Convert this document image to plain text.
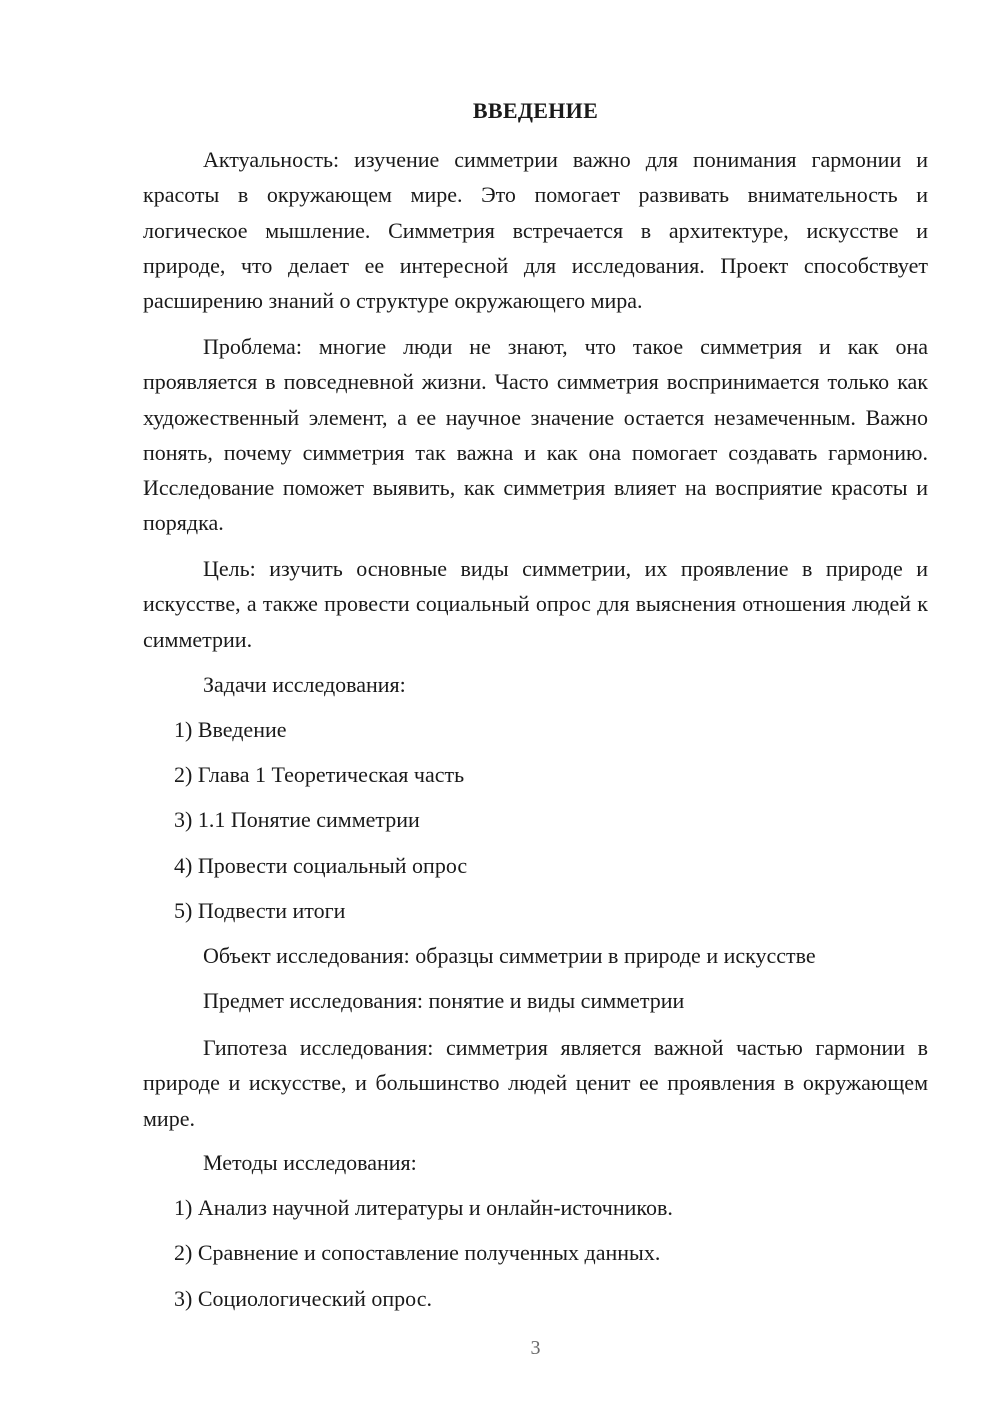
ВВЕДЕНИЕ

Актуальность: изучение симметрии важно для понимания гармонии и красоты в окружающем мире. Это помогает развивать внимательность и логическое мышление. Симметрия встречается в архитектуре, искусстве и природе, что делает ее интересной для исследования. Проект способствует расширению знаний о структуре окружающего мира.

Проблема: многие люди не знают, что такое симметрия и как она проявляется в повседневной жизни. Часто симметрия воспринимается только как художественный элемент, а ее научное значение остается незамеченным. Важно понять, почему симметрия так важна и как она помогает создавать гармонию. Исследование поможет выявить, как симметрия влияет на восприятие красоты и порядка.

Цель: изучить основные виды симметрии, их проявление в природе и искусстве, а также провести социальный опрос для выяснения отношения людей к симметрии.

Задачи исследования:
1) Введение
2) Глава 1 Теоретическая часть
3) 1.1 Понятие симметрии
4) Провести социальный опрос
5) Подвести итоги
Объект исследования: образцы симметрии в природе и искусстве
Предмет исследования: понятие и виды симметрии

Гипотеза исследования: симметрия является важной частью гармонии в природе и искусстве, и большинство людей ценит ее проявления в окружающем мире.

Методы исследования:
1) Анализ научной литературы и онлайн-источников.
2) Сравнение и сопоставление полученных данных.
3) Социологический опрос.
3
